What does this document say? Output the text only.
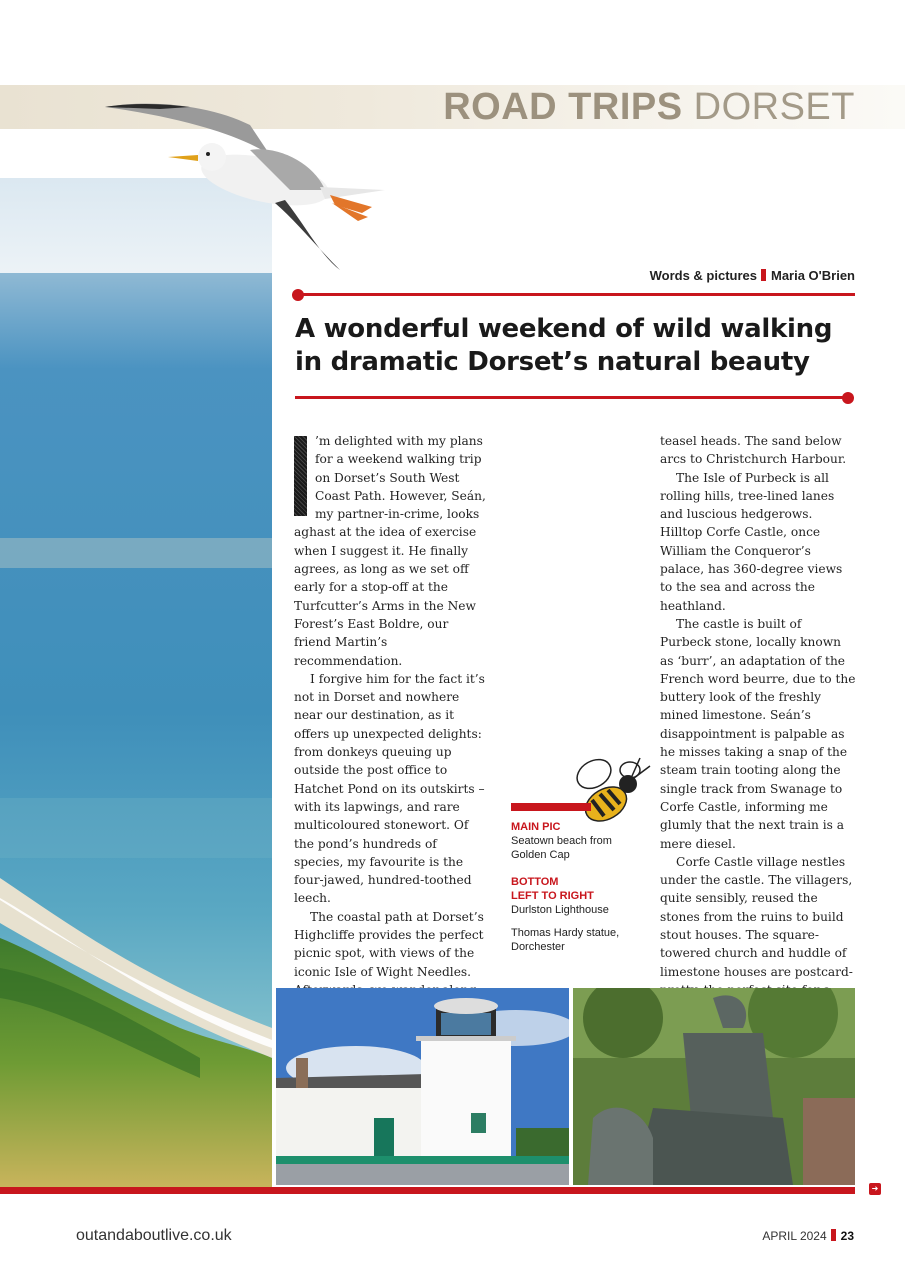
ROAD TRIPS DORSET
Words & pictures Maria O'Brien
A wonderful weekend of wild walking
in dramatic Dorset’s natural beauty

’m delighted with my plans for a weekend walking trip on Dorset’s South West Coast Path. However, Seán, my partner-in-crime, looks aghast at the idea of exercise when I suggest it. He finally agrees, as long as we set off early for a stop-off at the Turfcutter’s Arms in the New Forest’s East Boldre, our friend Martin’s recommendation.

I forgive him for the fact it’s not in Dorset and nowhere near our destination, as it offers up unexpected delights: from donkeys queuing up outside the post office to Hatchet Pond on its outskirts – with its lapwings, and rare multicoloured stonewort. Of the pond’s hundreds of species, my favourite is the four-jawed, hundred-toothed leech.

The coastal path at Dorset’s Highcliffe provides the perfect picnic spot, with views of the iconic Isle of Wight Needles.

teasel heads. The sand below arcs to Christchurch Harbour.

The Isle of Purbeck is all rolling hills, tree-lined lanes and luscious hedgerows. Hilltop Corfe Castle, once William the Conqueror’s palace, has 360-degree views to the sea and across the heathland.

The castle is built of Purbeck stone, locally known as ‘burr’, an adaptation of the French word beurre, due to the buttery look of the freshly mined limestone. Seán’s disappointment is palpable as he misses taking a snap of the steam train tooting along the single track from Swanage to Corfe Castle, informing me glumly that the next train is a mere diesel.

Corfe Castle village nestles under the castle. The villagers, quite sensibly, reused the stones from the ruins to build stout houses. The square-towered church and huddle of limestone houses are postcard-

MAIN PIC
Seatown beach from Golden Cap
BOTTOM
LEFT TO RIGHT
Durlston Lighthouse
Thomas Hardy statue, Dorchester
➜
outandaboutlive.co.uk	APRIL 2024 23
